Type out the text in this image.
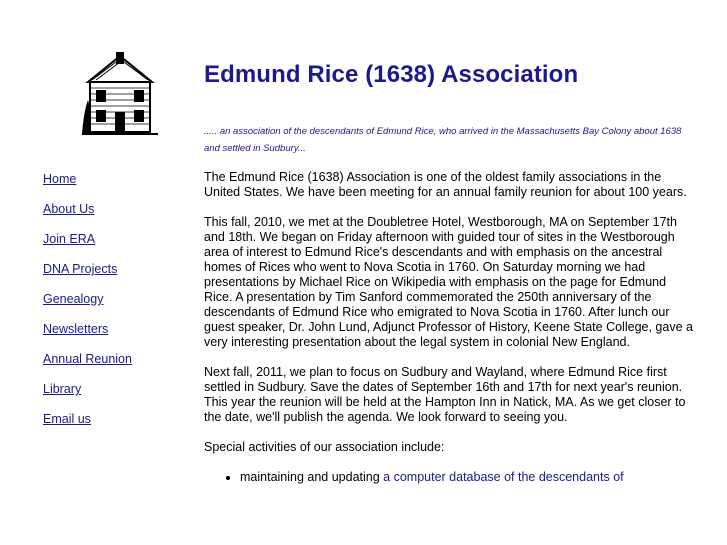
Edmund Rice (1638) Association

..... an association of the descendants of Edmund Rice, who arrived in the Massachusetts Bay Colony about 1638 and settled in Sudbury...

Home
About Us
Join ERA
DNA Projects
Genealogy
Newsletters
Annual Reunion
Library
Email us

The Edmund Rice (1638) Association is one of the oldest family associations in the United States. We have been meeting for an annual family reunion for about 100 years.

This fall, 2010, we met at the Doubletree Hotel, Westborough, MA on September 17th and 18th. We began on Friday afternoon with guided tour of sites in the Westborough area of interest to Edmund Rice's descendants and with emphasis on the ancestral homes of Rices who went to Nova Scotia in 1760. On Saturday morning we had presentations by Michael Rice on Wikipedia with emphasis on the page for Edmund Rice. A presentation by Tim Sanford commemorated the 250th anniversary of the descendants of Edmund Rice who emigrated to Nova Scotia in 1760. After lunch our guest speaker, Dr. John Lund, Adjunct Professor of History, Keene State College, gave a very interesting presentation about the legal system in colonial New England.

Next fall, 2011, we plan to focus on Sudbury and Wayland, where Edmund Rice first settled in Sudbury. Save the dates of September 16th and 17th for next year's reunion. This year the reunion will be held at the Hampton Inn in Natick, MA. As we get closer to the date, we'll publish the agenda. We look forward to seeing you.

Special activities of our association include:

• maintaining and updating a computer database of the descendants of
